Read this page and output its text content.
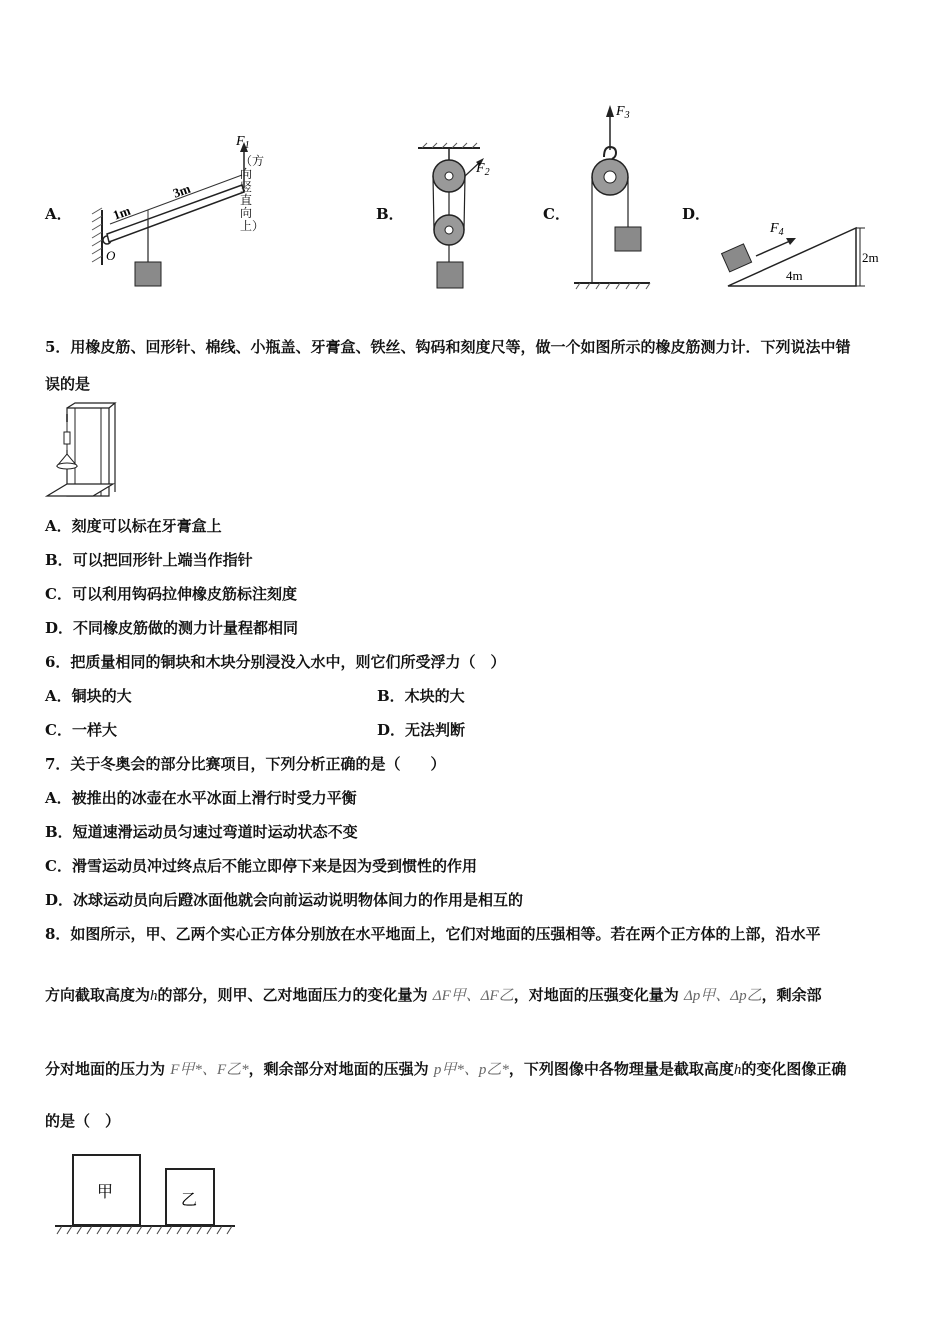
A．
$F_1$
1m
3m
O
（方向竖直向上）
B．
$F_2$
C．
$F_3$
D．
$F_4$
2m
4m
5．用橡皮筋、回形针、棉线、小瓶盖、牙膏盒、铁丝、钩码和刻度尺等，做一个如图所示的橡皮筋测力计．下列说法中错
误的是
A．刻度可以标在牙膏盒上
B．可以把回形针上端当作指针
C．可以利用钩码拉伸橡皮筋标注刻度
D．不同橡皮筋做的测力计量程都相同
6．把质量相同的铜块和木块分别浸没入水中，则它们所受浮力（　）
A．铜块的大	B．木块的大
C．一样大	D．无法判断
7．关于冬奥会的部分比赛项目，下列分析正确的是（　　）
A．被推出的冰壶在水平冰面上滑行时受力平衡
B．短道速滑运动员匀速过弯道时运动状态不变
C．滑雪运动员冲过终点后不能立即停下来是因为受到惯性的作用
D．冰球运动员向后蹬冰面他就会向前运动说明物体间力的作用是相互的
8．如图所示，甲、乙两个实心正方体分别放在水平地面上，它们对地面的压强相等。若在两个正方体的上部，沿水平
方向截取高度为h的部分，则甲、乙对地面压力的变化量为 ΔF甲、ΔF乙，对地面的压强变化量为 Δp甲、Δp乙，剩余部
分对地面的压力为 F甲*、F乙*，剩余部分对地面的压强为 p甲*、p乙*，下列图像中各物理量是截取高度h的变化图像正确
的是（　）
甲	乙
